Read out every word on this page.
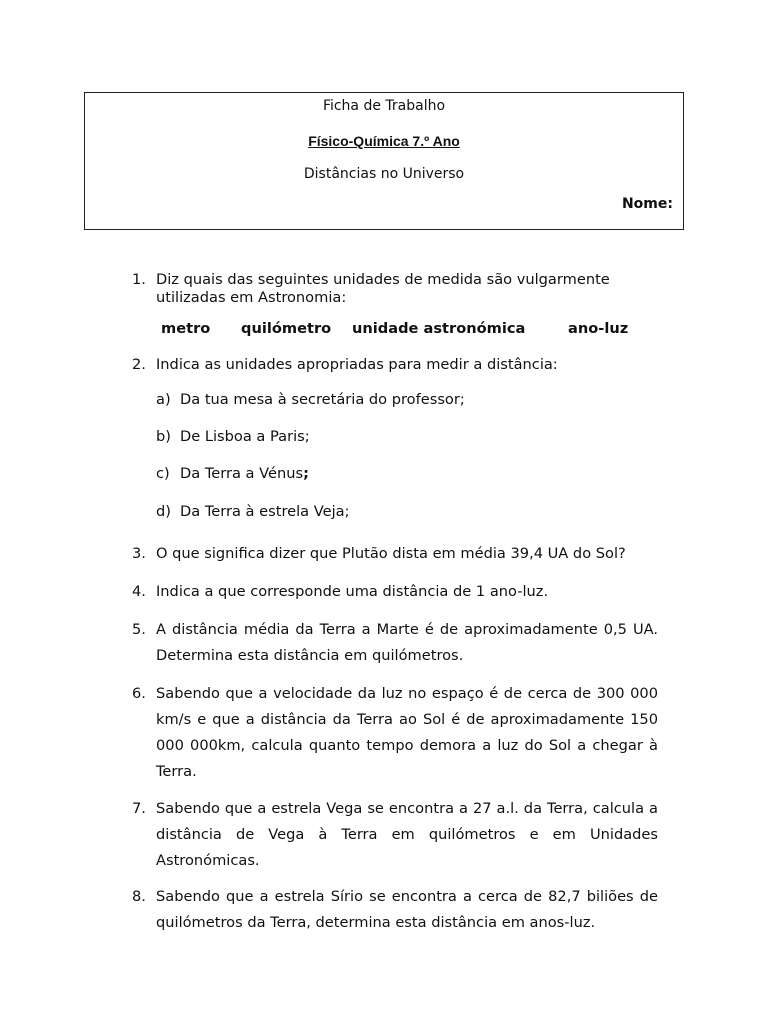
Ficha de Trabalho
Físico-Química 7.º Ano
Distâncias no Universo
Nome:
1. Diz quais das seguintes unidades de medida são vulgarmente utilizadas em Astronomia:
metro quilómetro unidade astronómica	ano-luz
2. Indica as unidades apropriadas para medir a distância:
a) Da tua mesa à secretária do professor;
b) De Lisboa a Paris;
c) Da Terra a Vénus;
d) Da Terra à estrela Veja;
3. O que significa dizer que Plutão dista em média 39,4 UA do Sol?
4. Indica a que corresponde uma distância de 1 ano-luz.
5. A distância média da Terra a Marte é de aproximadamente 0,5 UA. Determina esta distância em quilómetros.
6. Sabendo que a velocidade da luz no espaço é de cerca de 300 000 km/s e que a distância da Terra ao Sol é de aproximadamente 150 000 000km, calcula quanto tempo demora a luz do Sol a chegar à Terra.
7. Sabendo que a estrela Vega se encontra a 27 a.l. da Terra, calcula a distância de Vega à Terra em quilómetros e em Unidades Astronómicas.
8. Sabendo que a estrela Sírio se encontra a cerca de 82,7 biliões de quilómetros da Terra, determina esta distância em anos-luz.
